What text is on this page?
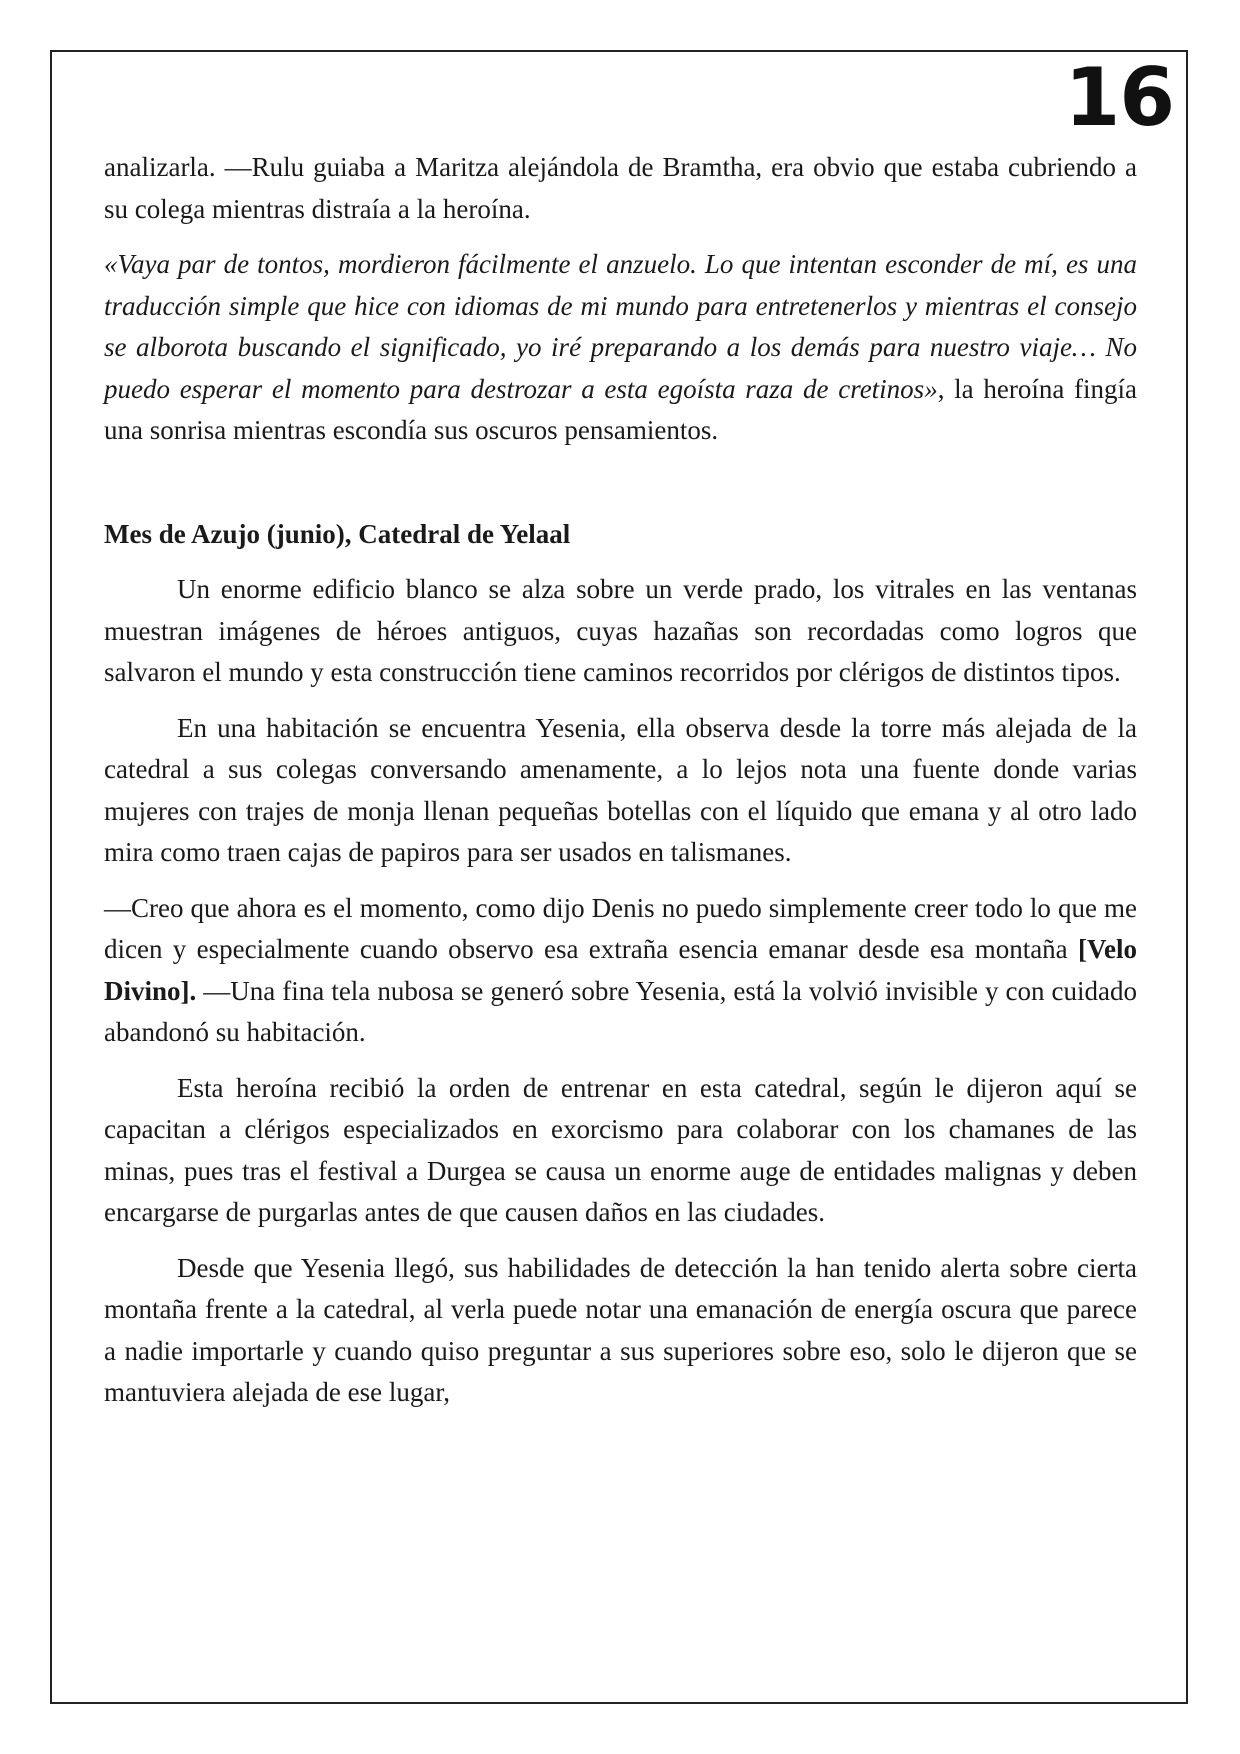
16

analizarla. —Rulu guiaba a Maritza alejándola de Bramtha, era obvio que estaba cubriendo a su colega mientras distraía a la heroína.

«Vaya par de tontos, mordieron fácilmente el anzuelo. Lo que intentan esconder de mí, es una traducción simple que hice con idiomas de mi mundo para entretenerlos y mientras el consejo se alborota buscando el significado, yo iré preparando a los demás para nuestro viaje… No puedo esperar el momento para destrozar a esta egoísta raza de cretinos», la heroína fingía una sonrisa mientras escondía sus oscuros pensamientos.

Mes de Azujo (junio), Catedral de Yelaal

Un enorme edificio blanco se alza sobre un verde prado, los vitrales en las ventanas muestran imágenes de héroes antiguos, cuyas hazañas son recordadas como logros que salvaron el mundo y esta construcción tiene caminos recorridos por clérigos de distintos tipos.

En una habitación se encuentra Yesenia, ella observa desde la torre más alejada de la catedral a sus colegas conversando amenamente, a lo lejos nota una fuente donde varias mujeres con trajes de monja llenan pequeñas botellas con el líquido que emana y al otro lado mira como traen cajas de papiros para ser usados en talismanes.

—Creo que ahora es el momento, como dijo Denis no puedo simplemente creer todo lo que me dicen y especialmente cuando observo esa extraña esencia emanar desde esa montaña [Velo Divino]. —Una fina tela nubosa se generó sobre Yesenia, está la volvió invisible y con cuidado abandonó su habitación.

Esta heroína recibió la orden de entrenar en esta catedral, según le dijeron aquí se capacitan a clérigos especializados en exorcismo para colaborar con los chamanes de las minas, pues tras el festival a Durgea se causa un enorme auge de entidades malignas y deben encargarse de purgarlas antes de que causen daños en las ciudades.

Desde que Yesenia llegó, sus habilidades de detección la han tenido alerta sobre cierta montaña frente a la catedral, al verla puede notar una emanación de energía oscura que parece a nadie importarle y cuando quiso preguntar a sus superiores sobre eso, solo le dijeron que se mantuviera alejada de ese lugar,
